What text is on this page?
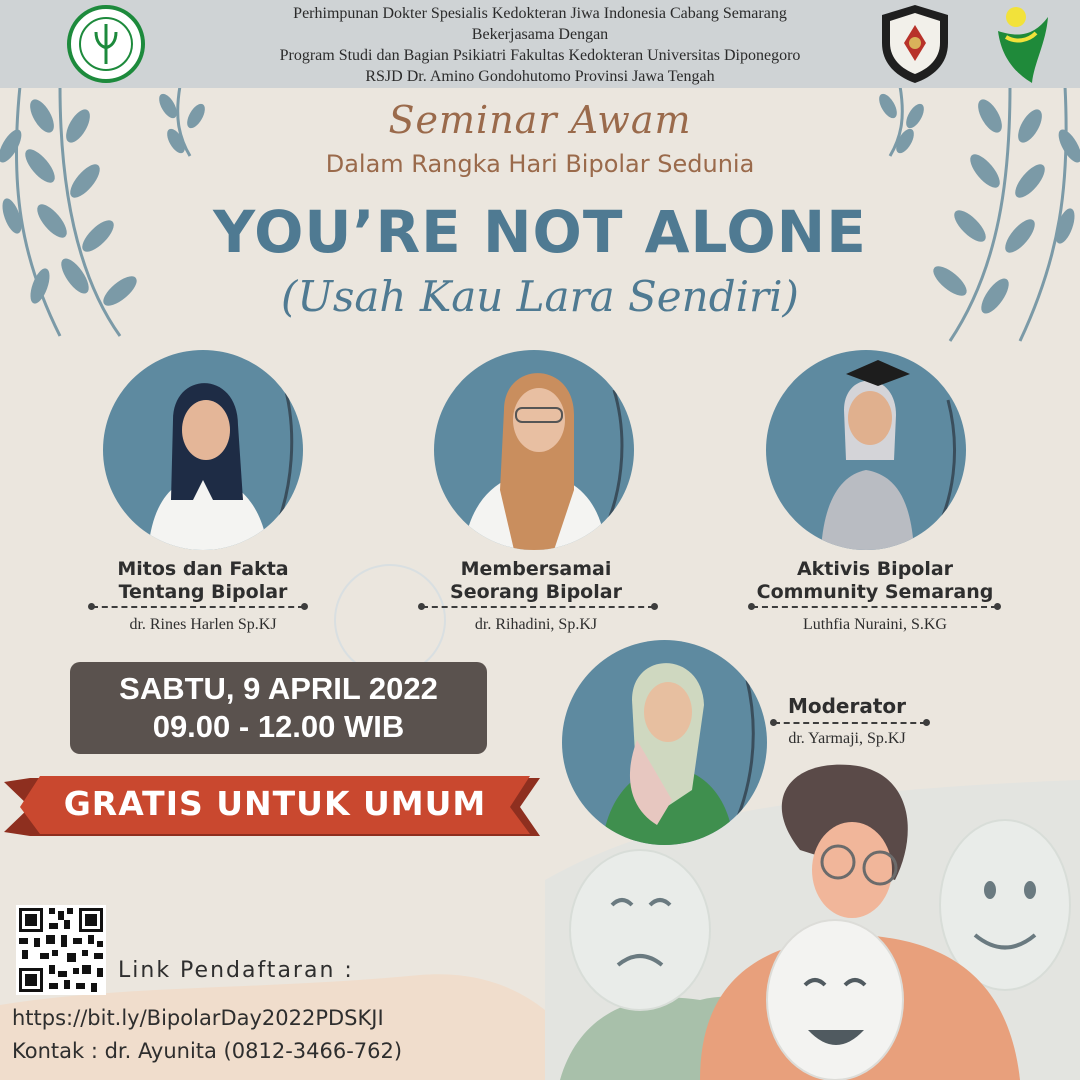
Perhimpunan Dokter Spesialis Kedokteran Jiwa Indonesia Cabang Semarang
Bekerjasama Dengan
Program Studi dan Bagian Psikiatri Fakultas Kedokteran Universitas Diponegoro
RSJD Dr. Amino Gondohutomo Provinsi Jawa Tengah
Seminar Awam
Dalam Rangka Hari Bipolar Sedunia
YOU’RE NOT ALONE
(Usah Kau Lara Sendiri)
Mitos dan Fakta
Tentang Bipolar
dr. Rines Harlen Sp.KJ
Membersamai
Seorang Bipolar
dr. Rihadini, Sp.KJ
Aktivis Bipolar
Community Semarang
Luthfia Nuraini, S.KG
Moderator
dr. Yarmaji, Sp.KJ
SABTU, 9 APRIL 2022
09.00 - 12.00 WIB
GRATIS UNTUK UMUM
Link Pendaftaran :
https://bit.ly/BipolarDay2022PDSKJI
Kontak : dr. Ayunita (0812-3466-762)
